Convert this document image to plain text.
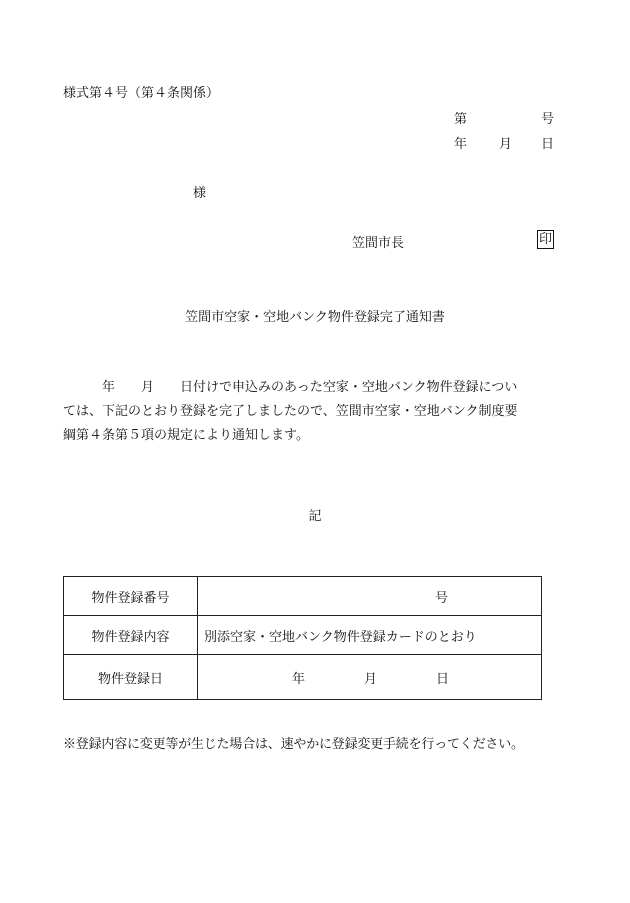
様式第４号（第４条関係）
第	号
年 月 日
様
笠間市長	印
笠間市空家・空地バンク物件登録完了通知書
　　　年　　月　　日付けで申込みのあった空家・空地バンク物件登録につい
ては、下記のとおり登録を完了しましたので、笠間市空家・空地バンク制度要
綱第４条第５項の規定により通知します。
記
物件登録番号	号

物件登録内容	別添空家・空地バンク物件登録カードのとおり
物件登録日	年 月 日
※登録内容に変更等が生じた場合は、速やかに登録変更手続を行ってください。
